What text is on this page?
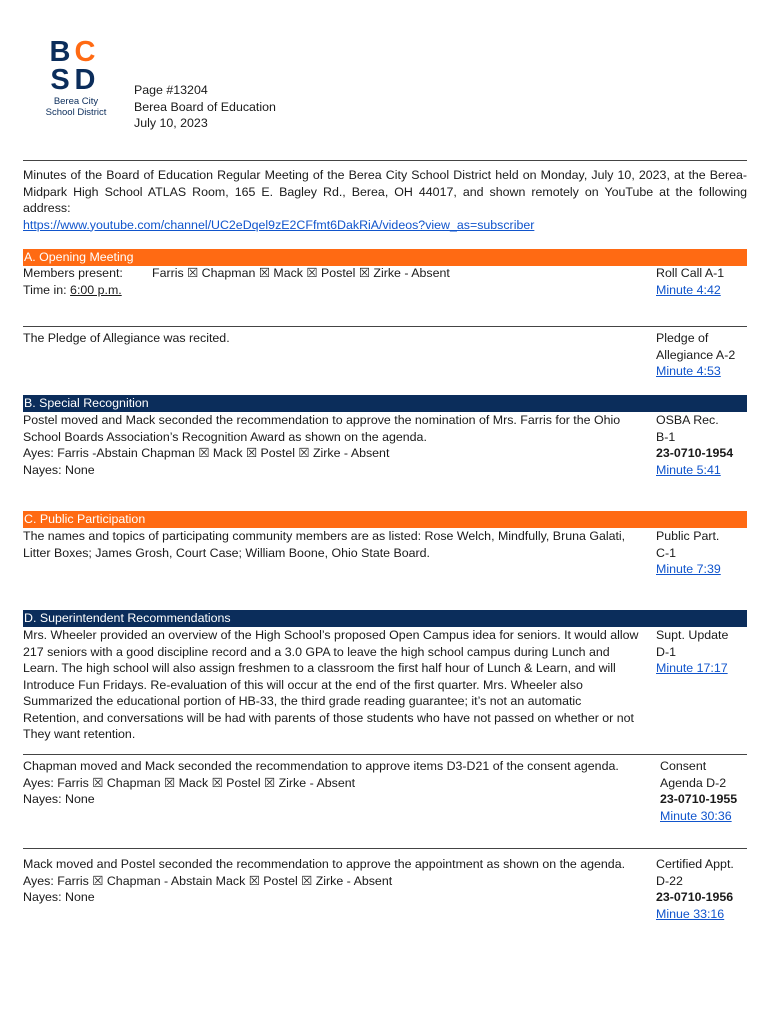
B C
S D
Berea City
School District
Page #13204
Berea Board of Education
July 10, 2023
Minutes of the Board of Education Regular Meeting of the Berea City School District held on Monday, July 10, 2023, at the Berea-Midpark High School ATLAS Room, 165 E. Bagley Rd., Berea, OH 44017, and shown remotely on YouTube at the following address:
https://www.youtube.com/channel/UC2eDqel9zE2CFfmt6DakRiA/videos?view_as=subscriber
A. Opening Meeting
Members present: Farris ☒ Chapman ☒ Mack ☒ Postel ☒ Zirke - Absent
Time in: 6:00 p.m.
Roll Call A-1
Minute 4:42
The Pledge of Allegiance was recited.	Pledge of
Allegiance A-2
Minute 4:53
B. Special Recognition
Postel moved and Mack seconded the recommendation to approve the nomination of Mrs. Farris for the Ohio
School Boards Association’s Recognition Award as shown on the agenda.
Ayes: Farris -Abstain Chapman ☒ Mack ☒ Postel ☒ Zirke - Absent
Nayes: None
OSBA Rec.
B-1
23-0710-1954
Minute 5:41
C. Public Participation
The names and topics of participating community members are as listed: Rose Welch, Mindfully, Bruna Galati,
Litter Boxes; James Grosh, Court Case; William Boone, Ohio State Board.
Public Part.
C-1
Minute 7:39
D. Superintendent Recommendations
Mrs. Wheeler provided an overview of the High School’s proposed Open Campus idea for seniors. It would allow
217 seniors with a good discipline record and a 3.0 GPA to leave the high school campus during Lunch and
Learn. The high school will also assign freshmen to a classroom the first half hour of Lunch & Learn, and will
Introduce Fun Fridays. Re-evaluation of this will occur at the end of the first quarter. Mrs. Wheeler also
Summarized the educational portion of HB-33, the third grade reading guarantee; it’s not an automatic
Retention, and conversations will be had with parents of those students who have not passed on whether or not
They want retention.
Supt. Update
D-1
Minute 17:17
Chapman moved and Mack seconded the recommendation to approve items D3-D21 of the consent agenda.
Ayes: Farris ☒ Chapman ☒ Mack ☒ Postel ☒ Zirke - Absent
Nayes: None
Consent
Agenda D-2
23-0710-1955
Minute 30:36
Mack moved and Postel seconded the recommendation to approve the appointment as shown on the agenda.
Ayes: Farris ☒ Chapman - Abstain Mack ☒ Postel ☒ Zirke - Absent
Nayes: None
Certified Appt.
D-22
23-0710-1956
Minue 33:16
